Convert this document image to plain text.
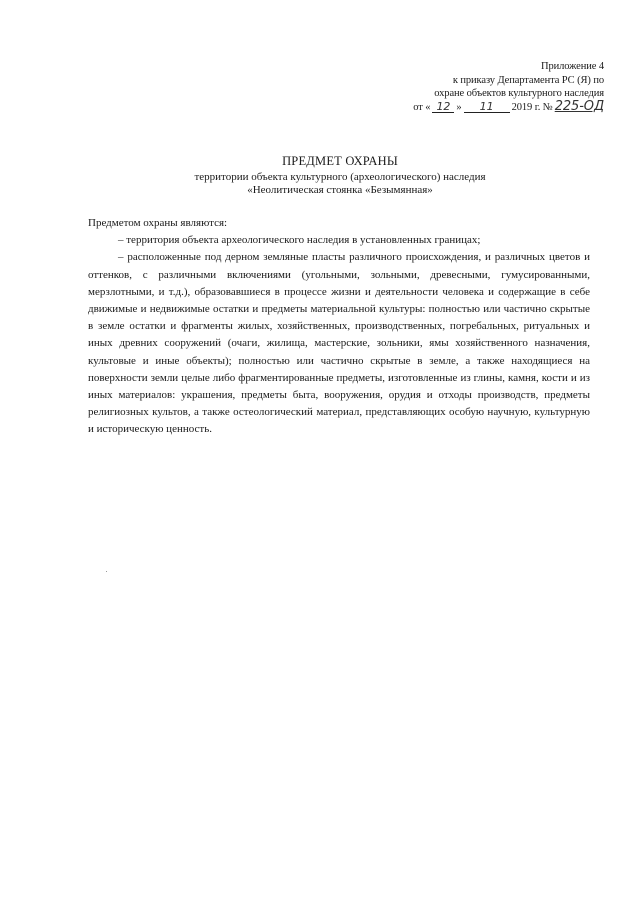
Приложение 4
к приказу Департамента РС (Я) по
охране объектов культурного наследия
от « 12 »	11	2019 г. № 225-ОД
ПРЕДМЕТ ОХРАНЫ
территории объекта культурного (археологического) наследия
«Неолитическая стоянка «Безымянная»

Предметом охраны являются:

– территория объекта археологического наследия в установленных границах;

– расположенные под дерном земляные пласты различного происхождения, и различных цветов и оттенков, с различными включениями (угольными, зольными, древесными, гумусированными, мерзлотными, и т.д.), образовавшиеся в процессе жизни и деятельности человека и содержащие в себе движимые и недвижимые остатки и предметы материальной культуры: полностью или частично скрытые в земле остатки и фрагменты жилых, хозяйственных, производственных, погребальных, ритуальных и иных древних сооружений (очаги, жилища, мастерские, зольники, ямы хозяйственного назначения, культовые и иные объекты); полностью или частично скрытые в земле, а также находящиеся на поверхности земли целые либо фрагментированные предметы, изготовленные из глины, камня, кости и из иных материалов: украшения, предметы быта, вооружения, орудия и отходы производств, предметы религиозных культов, а также остеологический материал, представляющих особую научную, культурную и историческую ценность.
